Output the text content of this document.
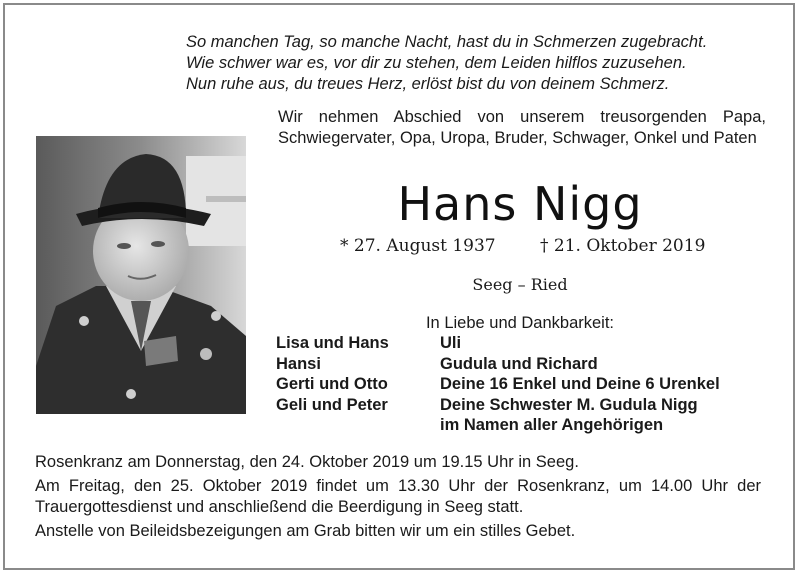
So manchen Tag, so manche Nacht, hast du in Schmerzen zugebracht.
Wie schwer war es, vor dir zu stehen, dem Leiden hilflos zuzusehen.
Nun ruhe aus, du treues Herz, erlöst bist du von deinem Schmerz.
Wir nehmen Abschied von unserem treusorgenden Papa, Schwiegervater, Opa, Uropa, Bruder, Schwager, Onkel und Paten
Hans Nigg
* 27. August 1937	† 21. Oktober 2019
Seeg – Ried
In Liebe und Dankbarkeit:
Lisa und Hans
Hansi
Gerti und Otto
Geli und Peter
Uli
Gudula und Richard
Deine 16 Enkel und Deine 6 Urenkel
Deine Schwester M. Gudula Nigg
im Namen aller Angehörigen
Rosenkranz am Donnerstag, den 24. Oktober 2019 um 19.15 Uhr in Seeg.
Am Freitag, den 25. Oktober 2019 findet um 13.30 Uhr der Rosenkranz, um 14.00 Uhr der Trauergottesdienst und anschließend die Beerdigung in Seeg statt.
Anstelle von Beileidsbezeigungen am Grab bitten wir um ein stilles Gebet.
